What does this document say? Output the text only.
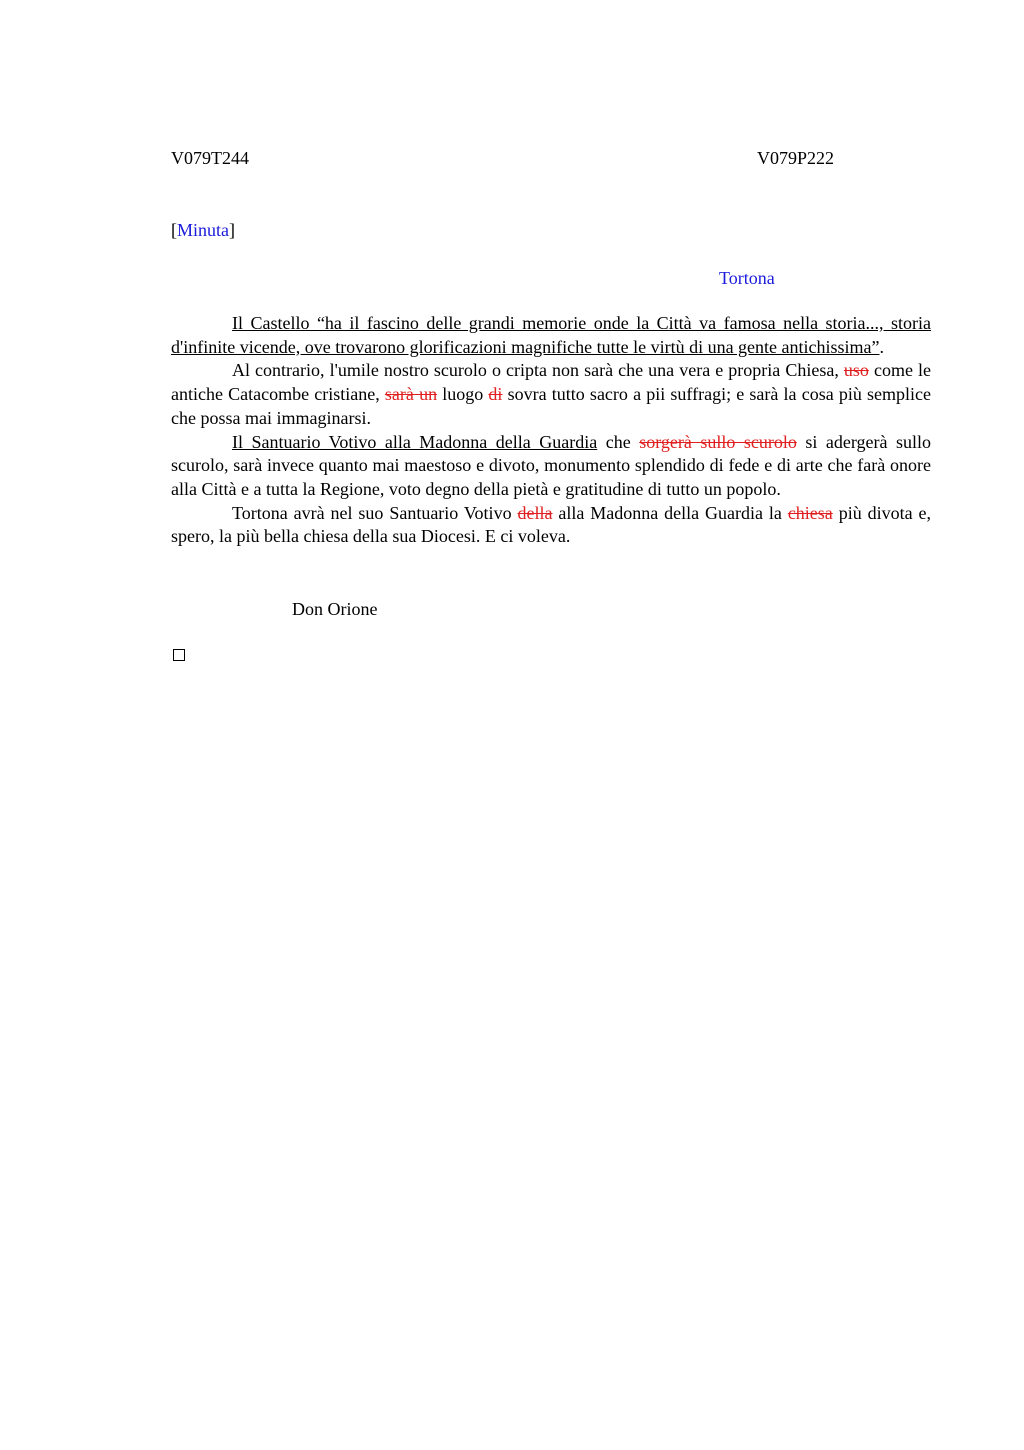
V079T244	V079P222
[Minuta]
Tortona

Il Castello “ha il fascino delle grandi memorie onde la Città va famosa nella storia..., storia d'infinite vicende, ove trovarono glorificazioni magnifiche tutte le virtù di una gente antichissima”.

Al contrario, l'umile nostro scurolo o cripta non sarà che una vera e propria Chiesa, uso come le antiche Catacombe cristiane, sarà un luogo di sovra tutto sacro a pii suffragi; e sarà la cosa più semplice che possa mai immaginarsi.

Il Santuario Votivo alla Madonna della Guardia che sorgerà sullo scurolo si adergerà sullo scurolo, sarà invece quanto mai maestoso e divoto, monumento splendido di fede e di arte che farà onore alla Città e a tutta la Regione, voto degno della pietà e gratitudine di tutto un popolo.

Tortona avrà nel suo Santuario Votivo della alla Madonna della Guardia la chiesa più divota e, spero, la più bella chiesa della sua Diocesi. E ci voleva.

Don Orione
